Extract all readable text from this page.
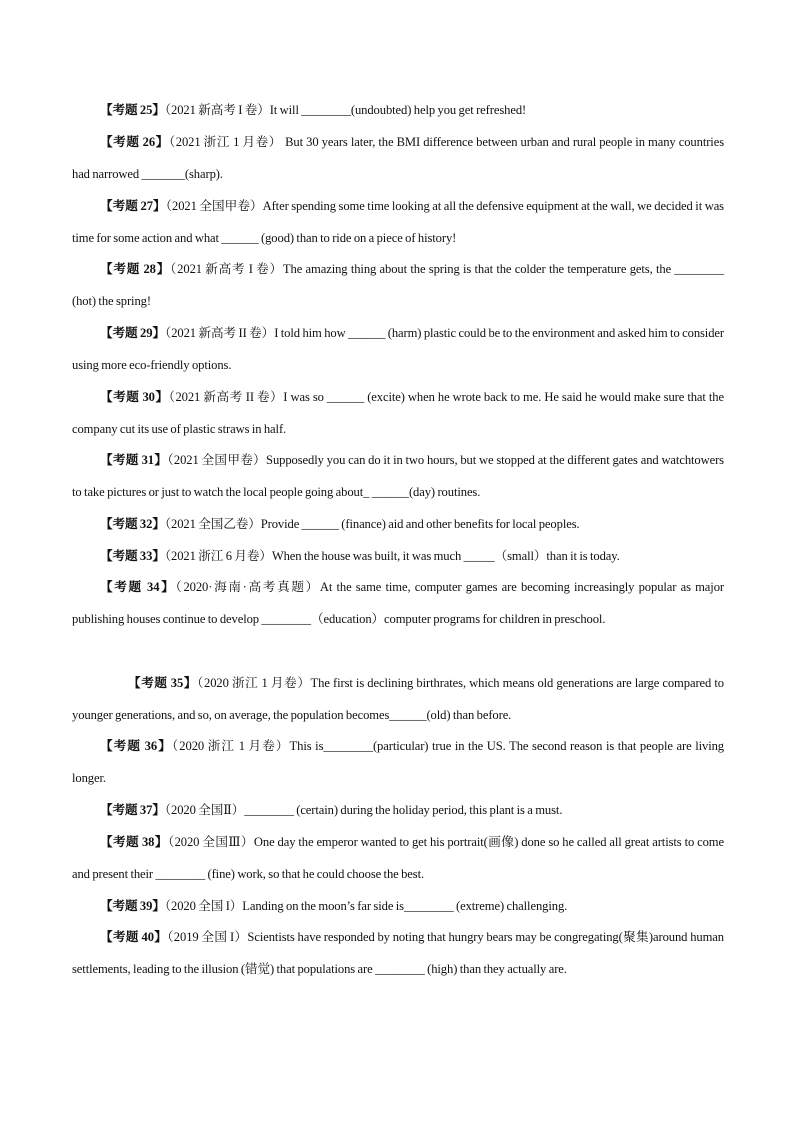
【考题 25】（2021 新高考 I 卷）It will ________(undoubted) help you get refreshed!

【考题 26】（2021 浙江 1 月卷） But 30 years later, the BMI difference between urban and rural people in many countries had narrowed _______(sharp).

【考题 27】（2021 全国甲卷）After spending some time looking at all the defensive equipment at the wall, we decided it was time for some action and what ______ (good) than to ride on a piece of history!

【考题 28】（2021 新高考 I 卷）The amazing thing about the spring is that the colder the temperature gets, the ________ (hot) the spring!

【考题 29】（2021 新高考 II 卷）I told him how ______ (harm) plastic could be to the environment and asked him to consider using more eco-friendly options.

【考题 30】（2021 新高考 II 卷）I was so ______ (excite) when he wrote back to me. He said he would make sure that the company cut its use of plastic straws in half.

【考题 31】（2021 全国甲卷）Supposedly you can do it in two hours, but we stopped at the different gates and watchtowers to take pictures or just to watch the local people going about_ ______(day) routines.

【考题 32】（2021 全国乙卷）Provide ______ (finance) aid and other benefits for local peoples.

【考题 33】（2021 浙江 6 月卷）When the house was built, it was much _____（small）than it is today.

【考题 34】（2020·海南·高考真题）At the same time, computer games are becoming increasingly popular as major publishing houses continue to develop ________（education）computer programs for children in preschool.

【考题 35】（2020 浙江 1 月卷）The first is declining birthrates, which means old generations are large compared to younger generations, and so, on average, the population becomes______(old) than before.

【考题 36】（2020 浙江 1 月卷）This is________(particular) true in the US. The second reason is that people are living longer.

【考题 37】（2020 全国Ⅱ）________ (certain) during the holiday period, this plant is a must.

【考题 38】（2020 全国Ⅲ）One day the emperor wanted to get his portrait(画像) done so he called all great artists to come and present their ________ (fine) work, so that he could choose the best.

【考题 39】（2020 全国 I）Landing on the moon’s far side is________ (extreme) challenging.

【考题 40】（2019 全国 I）Scientists have responded by noting that hungry bears may be congregating(聚集)around human settlements, leading to the illusion (错觉) that populations are ________ (high) than they actually are.
